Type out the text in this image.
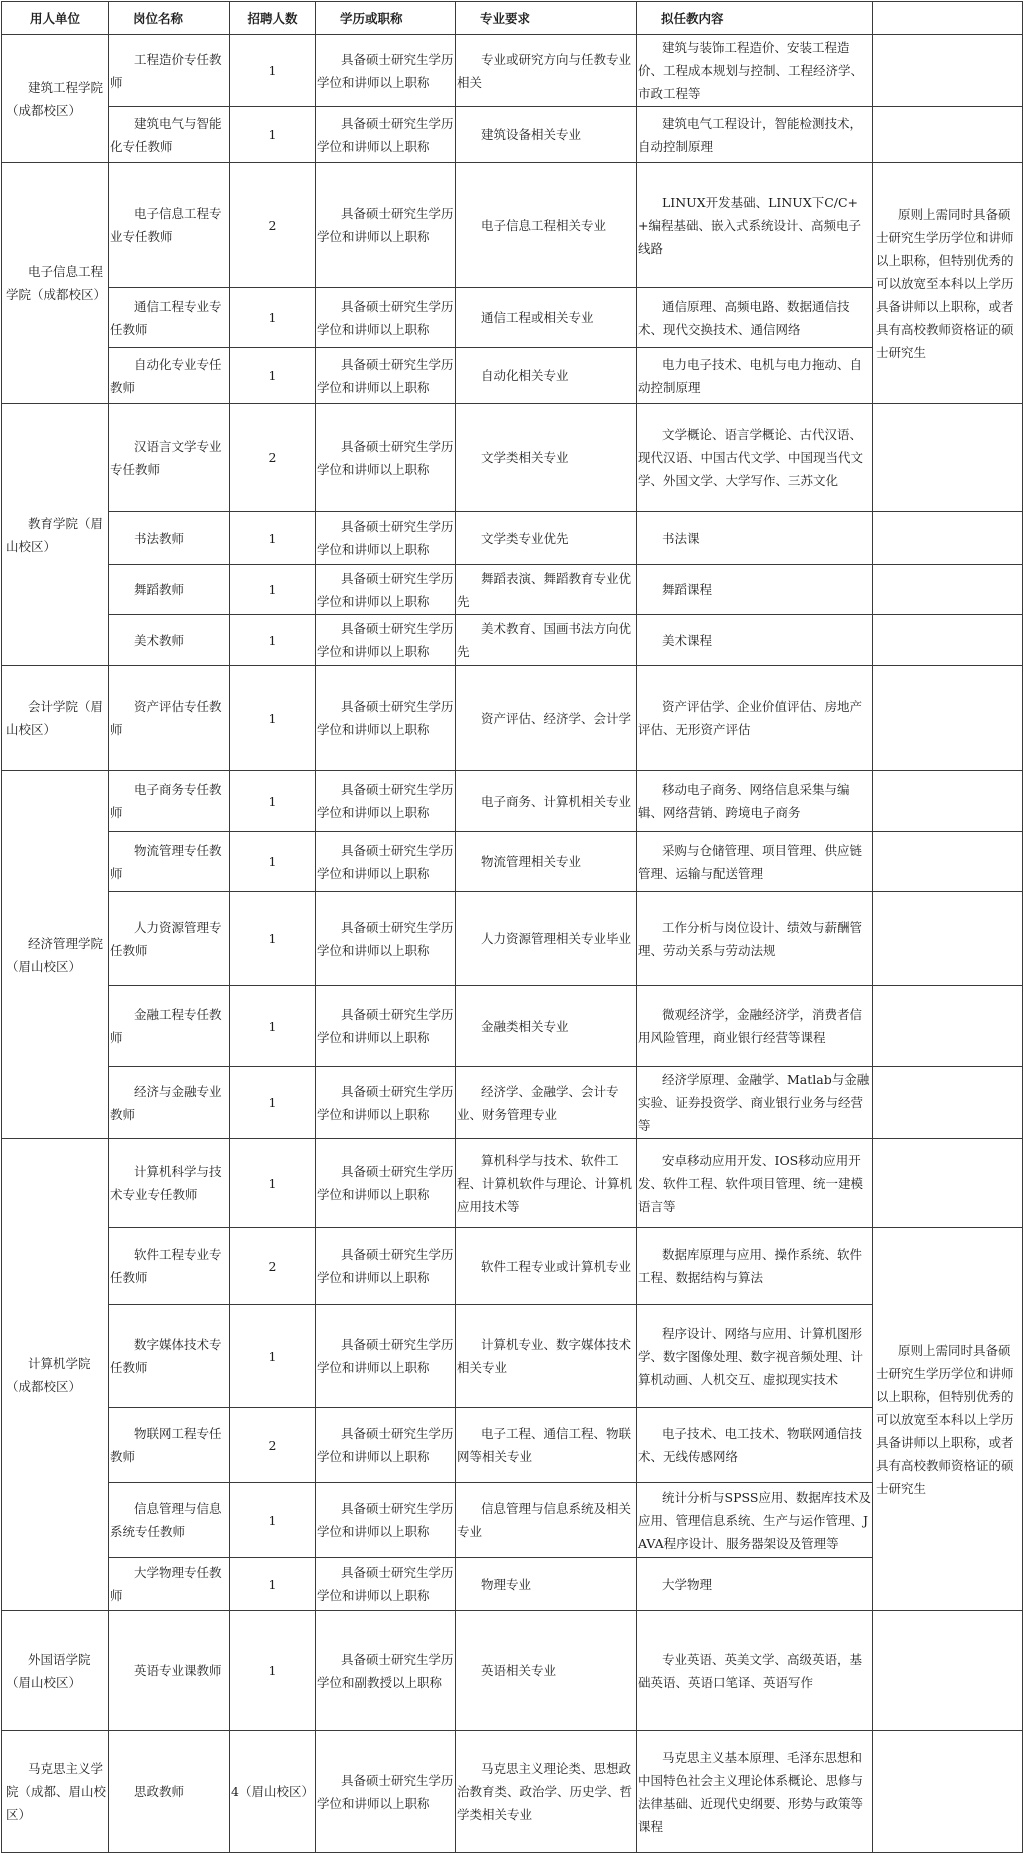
用人单位	岗位名称	招聘人数	学历或职称	专业要求	拟任教内容	
建筑工程学院（成都校区）	工程造价专任教师	1	具备硕士研究生学历学位和讲师以上职称	专业或研究方向与任教专业相关	建筑与装饰工程造价、安装工程造价、工程成本规划与控制、工程经济学、市政工程等	
	建筑电气与智能化专任教师	1	具备硕士研究生学历学位和讲师以上职称	建筑设备相关专业	建筑电气工程设计，智能检测技术，自动控制原理	
电子信息工程学院（成都校区）	电子信息工程专业专任教师	2	具备硕士研究生学历学位和讲师以上职称	电子信息工程相关专业	LINUX开发基础、LINUX下C/C++编程基础、嵌入式系统设计、高频电子线路	原则上需同时具备硕士研究生学历学位和讲师以上职称，但特别优秀的可以放宽至本科以上学历具备讲师以上职称，或者具有高校教师资格证的硕士研究生
	通信工程专业专任教师	1	具备硕士研究生学历学位和讲师以上职称	通信工程或相关专业	通信原理、高频电路、数据通信技术、现代交换技术、通信网络	
	自动化专业专任教师	1	具备硕士研究生学历学位和讲师以上职称	自动化相关专业	电力电子技术、电机与电力拖动、自动控制原理	
教育学院（眉山校区）	汉语言文学专业专任教师	2	具备硕士研究生学历学位和讲师以上职称	文学类相关专业	文学概论、语言学概论、古代汉语、现代汉语、中国古代文学、中国现当代文学、外国文学、大学写作、三苏文化	
	书法教师	1	具备硕士研究生学历学位和讲师以上职称	文学类专业优先	书法课	
	舞蹈教师	1	具备硕士研究生学历学位和讲师以上职称	舞蹈表演、舞蹈教育专业优先	舞蹈课程	
	美术教师	1	具备硕士研究生学历学位和讲师以上职称	美术教育、国画书法方向优先	美术课程	
会计学院（眉山校区）	资产评估专任教师	1	具备硕士研究生学历学位和讲师以上职称	资产评估、经济学、会计学	资产评估学、企业价值评估、房地产评估、无形资产评估	
经济管理学院（眉山校区）	电子商务专任教师	1	具备硕士研究生学历学位和讲师以上职称	电子商务、计算机相关专业	移动电子商务、网络信息采集与编辑、网络营销、跨境电子商务	
	物流管理专任教师	1	具备硕士研究生学历学位和讲师以上职称	物流管理相关专业	采购与仓储管理、项目管理、供应链管理、运输与配送管理	
	人力资源管理专任教师	1	具备硕士研究生学历学位和讲师以上职称	人力资源管理相关专业毕业	工作分析与岗位设计、绩效与薪酬管理、劳动关系与劳动法规	
	金融工程专任教师	1	具备硕士研究生学历学位和讲师以上职称	金融类相关专业	微观经济学，金融经济学，消费者信用风险管理，商业银行经营等课程	
	经济与金融专业教师	1	具备硕士研究生学历学位和讲师以上职称	经济学、金融学、会计专业、财务管理专业	经济学原理、金融学、Matlab与金融实验、证券投资学、商业银行业务与经营等	
计算机学院（成都校区）	计算机科学与技术专业专任教师	1	具备硕士研究生学历学位和讲师以上职称	算机科学与技术、软件工程、计算机软件与理论、计算机应用技术等	安卓移动应用开发、IOS移动应用开发、软件工程、软件项目管理、统一建模语言等	
	软件工程专业专任教师	2	具备硕士研究生学历学位和讲师以上职称	软件工程专业或计算机专业	数据库原理与应用、操作系统、软件工程、数据结构与算法	原则上需同时具备硕士研究生学历学位和讲师以上职称，但特别优秀的可以放宽至本科以上学历具备讲师以上职称，或者具有高校教师资格证的硕士研究生
	数字媒体技术专任教师	1	具备硕士研究生学历学位和讲师以上职称	计算机专业、数字媒体技术相关专业	程序设计、网络与应用、计算机图形学、数字图像处理、数字视音频处理、计算机动画、人机交互、虚拟现实技术	
	物联网工程专任教师	2	具备硕士研究生学历学位和讲师以上职称	电子工程、通信工程、物联网等相关专业	电子技术、电工技术、物联网通信技术、无线传感网络	
	信息管理与信息系统专任教师	1	具备硕士研究生学历学位和讲师以上职称	信息管理与信息系统及相关专业	统计分析与SPSS应用、数据库技术及应用、管理信息系统、生产与运作管理、JAVA程序设计、服务器架设及管理等	
	大学物理专任教师	1	具备硕士研究生学历学位和讲师以上职称	物理专业	大学物理	
外国语学院（眉山校区）	英语专业课教师	1	具备硕士研究生学历学位和副教授以上职称	英语相关专业	专业英语、英美文学、高级英语，基础英语、英语口笔译、英语写作	
马克思主义学院（成都、眉山校区）	思政教师	4（眉山校区）	具备硕士研究生学历学位和讲师以上职称	马克思主义理论类、思想政治教育类、政治学、历史学、哲学类相关专业	马克思主义基本原理、毛泽东思想和中国特色社会主义理论体系概论、思修与法律基础、近现代史纲要、形势与政策等课程	
